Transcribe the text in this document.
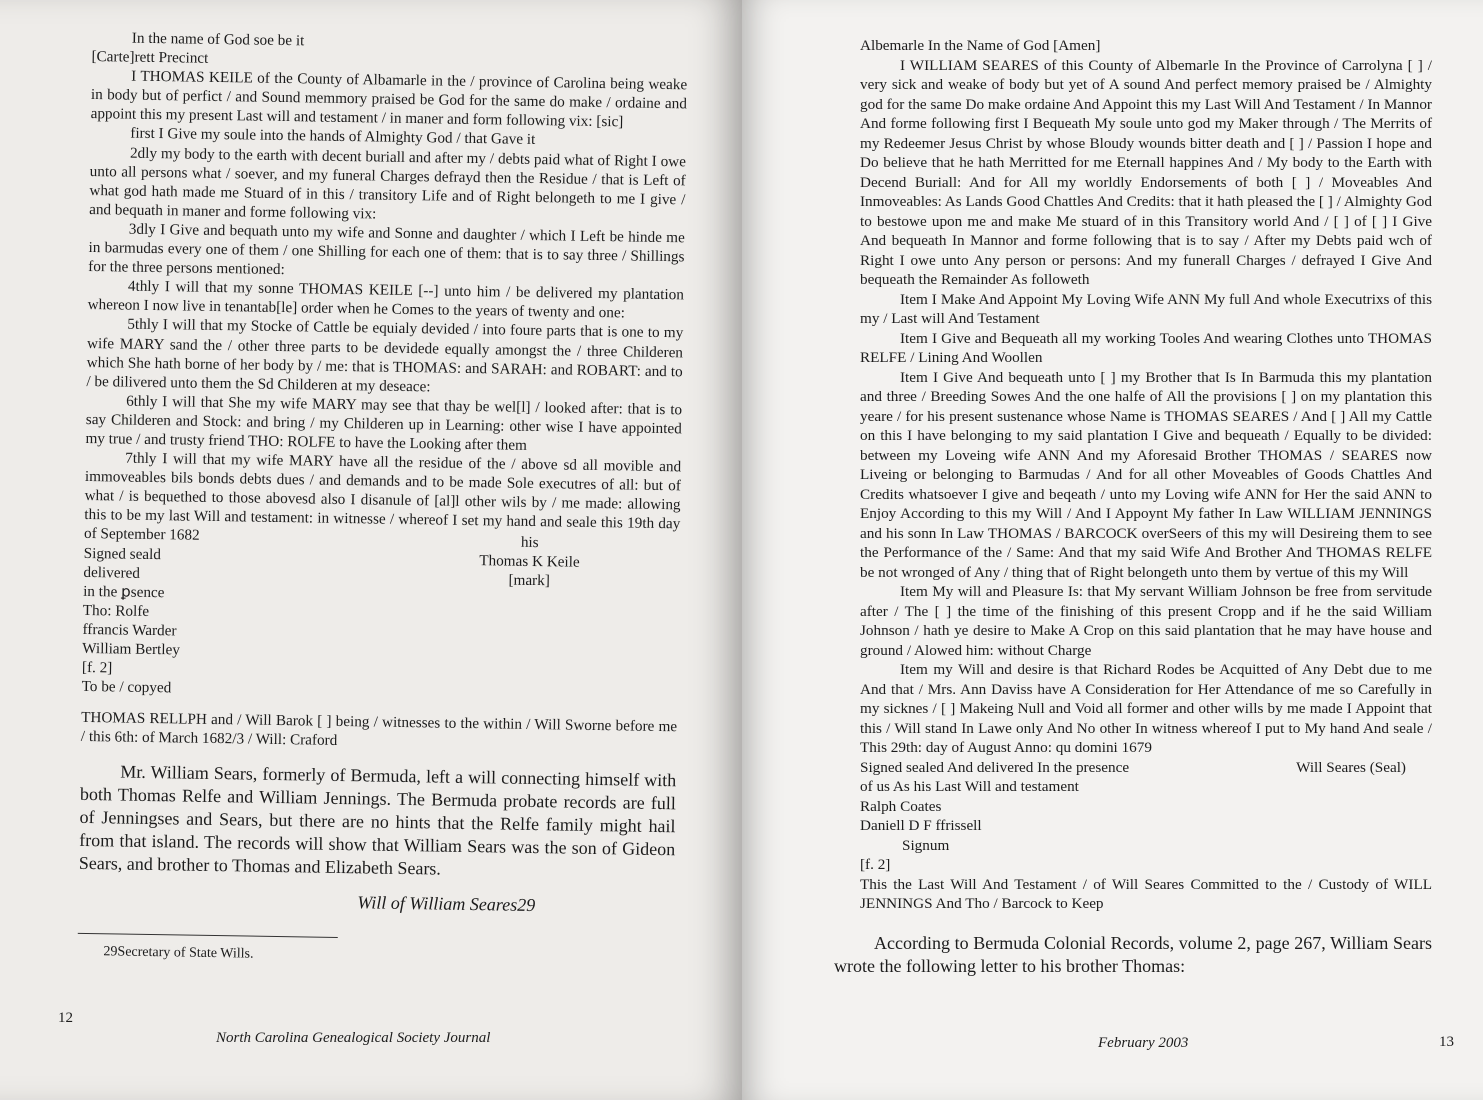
In the name of God soe be it

[Carte]rett Precinct

I THOMAS KEILE of the County of Albamarle in the / province of Carolina being weake in body but of perfict / and Sound memmory praised be God for the same do make / ordaine and appoint this my present Last will and testament / in maner and form following vix: [sic]

first I Give my soule into the hands of Almighty God / that Gave it

2dly my body to the earth with decent buriall and after my / debts paid what of Right I owe unto all persons what / soever, and my funeral Charges defrayd then the Residue / that is Left of what god hath made me Stuard of in this / transitory Life and of Right belongeth to me I give / and bequath in maner and forme following vix:

3dly I Give and bequath unto my wife and Sonne and daughter / which I Left be hinde me in barmudas every one of them / one Shilling for each one of them: that is to say three / Shillings for the three persons mentioned:

4thly I will that my sonne THOMAS KEILE [--] unto him / be delivered my plantation whereon I now live in tenantab[le] order when he Comes to the years of twenty and one:

5thly I will that my Stocke of Cattle be equialy devided / into foure parts that is one to my wife MARY sand the / other three parts to be devidede equally amongst the / three Childeren which She hath borne of her body by / me: that is THOMAS: and SARAH: and ROBART: and to / be dilivered unto them the Sd Childeren at my deseace:

6thly I will that She my wife MARY may see that thay be wel[l] / looked after: that is to say Childeren and Stock: and bring / my Childeren up in Learning: other wise I have appointed my true / and trusty friend THO: ROLFE to have the Looking after them

7thly I will that my wife MARY have all the residue of the / above sd all movible and immoveables bils bonds debts dues / and demands and to be made Sole executres of all: but of what / is bequethed to those abovesd also I disanule of [al]l other wils by / me made: allowing this to be my last Will and testament: in witnesse / whereof I set my hand and seale this 19th day of September 1682

Signed seald
delivered
in the ꝑsence
his
Thomas K Keile
[mark]
Tho: Rolfe
ffrancis Warder
William Bertley
[f. 2]
To be / copyed

THOMAS RELLPH and / Will Barok [ ] being / witnesses to the within / Will Sworne before me / this 6th: of March 1682/3 / Will: Craford

Mr. William Sears, formerly of Bermuda, left a will connecting himself with both Thomas Relfe and William Jennings. The Bermuda probate records are full of Jenningses and Sears, but there are no hints that the Relfe family might hail from that island. The records will show that William Sears was the son of Gideon Sears, and brother to Thomas and Elizabeth Sears.

Will of William Seares29

29Secretary of State Wills.
12
North Carolina Genealogical Society Journal

Albemarle In the Name of God [Amen]

I WILLIAM SEARES of this County of Albemarle In the Province of Carrolyna [ ] / very sick and weake of body but yet of A sound And perfect memory praised be / Almighty god for the same Do make ordaine And Appoint this my Last Will And Testament / In Mannor And forme following first I Bequeath My soule unto god my Maker through / The Merrits of my Redeemer Jesus Christ by whose Bloudy wounds bitter death and [ ] / Passion I hope and Do believe that he hath Merritted for me Eternall happines And / My body to the Earth with Decend Buriall: And for All my worldly Endorsements of both [ ] / Moveables And Inmoveables: As Lands Good Chattles And Credits: that it hath pleased the [ ] / Almighty God to bestowe upon me and make Me stuard of in this Transitory world And / [ ] of [ ] I Give And bequeath In Mannor and forme following that is to say / After my Debts paid wch of Right I owe unto Any person or persons: And my funerall Charges / defrayed I Give And bequeath the Remainder As followeth

Item I Make And Appoint My Loving Wife ANN My full And whole Executrixs of this my / Last will And Testament

Item I Give and Bequeath all my working Tooles And wearing Clothes unto THOMAS RELFE / Lining And Woollen

Item I Give And bequeath unto [ ] my Brother that Is In Barmuda this my plantation and three / Breeding Sowes And the one halfe of All the provisions [ ] on my plantation this yeare / for his present sustenance whose Name is THOMAS SEARES / And [ ] All my Cattle on this I have belonging to my said plantation I Give and bequeath / Equally to be divided: between my Loveing wife ANN And my Aforesaid Brother THOMAS / SEARES now Liveing or belonging to Barmudas / And for all other Moveables of Goods Chattles And Credits whatsoever I give and beqeath / unto my Loving wife ANN for Her the said ANN to Enjoy According to this my Will / And I Appoynt My father In Law WILLIAM JENNINGS and his sonn In Law THOMAS / BARCOCK overSeers of this my will Desireing them to see the Performance of the / Same: And that my said Wife And Brother And THOMAS RELFE be not wronged of Any / thing that of Right belongeth unto them by vertue of this my Will

Item My will and Pleasure Is: that My servant William Johnson be free from servitude after / The [ ] the time of the finishing of this present Cropp and if he the said William Johnson / hath ye desire to Make A Crop on this said plantation that he may have house and ground / Alowed him: without Charge

Item my Will and desire is that Richard Rodes be Acquitted of Any Debt due to me And that / Mrs. Ann Daviss have A Consideration for Her Attendance of me so Carefully in my sicknes / [ ] Makeing Null and Void all former and other wills by me made I Appoint that this / Will stand In Lawe only And No other In witness whereof I put to My hand And seale / This 29th: day of August Anno: qu domini 1679

Signed sealed And delivered In the presence	Will Seares (Seal)
of us As his Last Will and testament
Ralph Coates
Daniell D F ffrissell
Signum
[f. 2]

This the Last Will And Testament / of Will Seares Committed to the / Custody of WILL JENNINGS And Tho / Barcock to Keep

According to Bermuda Colonial Records, volume 2, page 267, William Sears wrote the following letter to his brother Thomas:

February 2003	13
